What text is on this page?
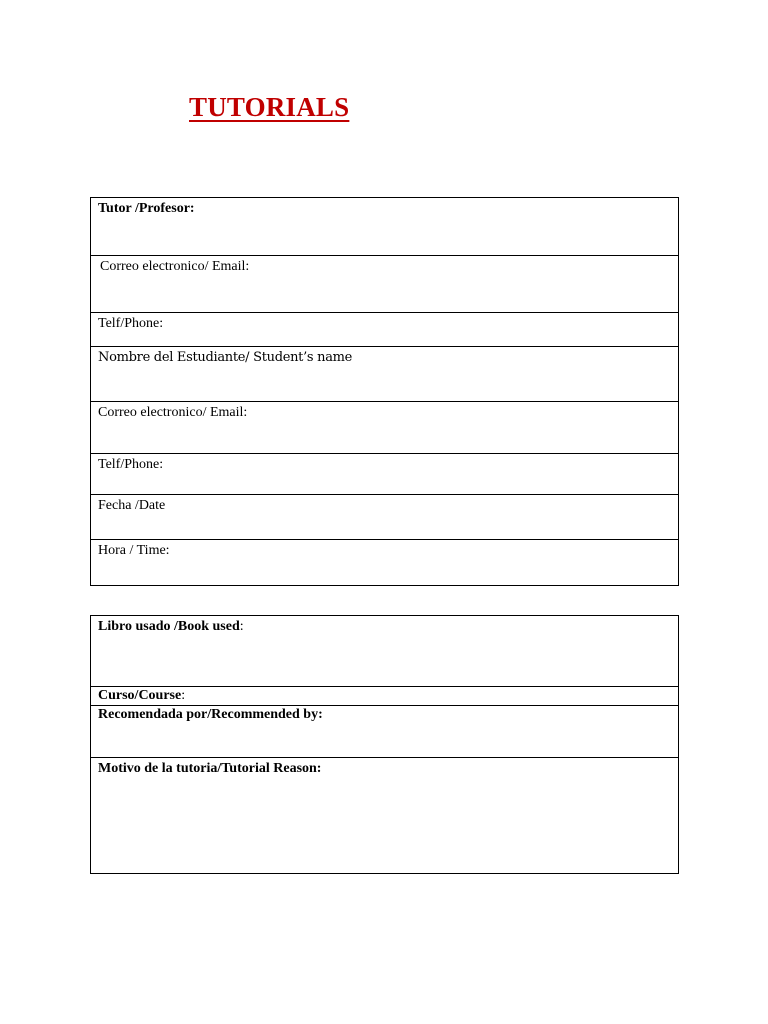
TUTORIALS
Tutor /Profesor:
Correo electronico/ Email:
Telf/Phone:
Nombre del Estudiante/ Student’s name
Correo electronico/ Email:
Telf/Phone:
Fecha /Date
Hora / Time:
Libro usado /Book used:
Curso/Course:
Recomendada por/Recommended by:
Motivo de la tutoria/Tutorial Reason:
